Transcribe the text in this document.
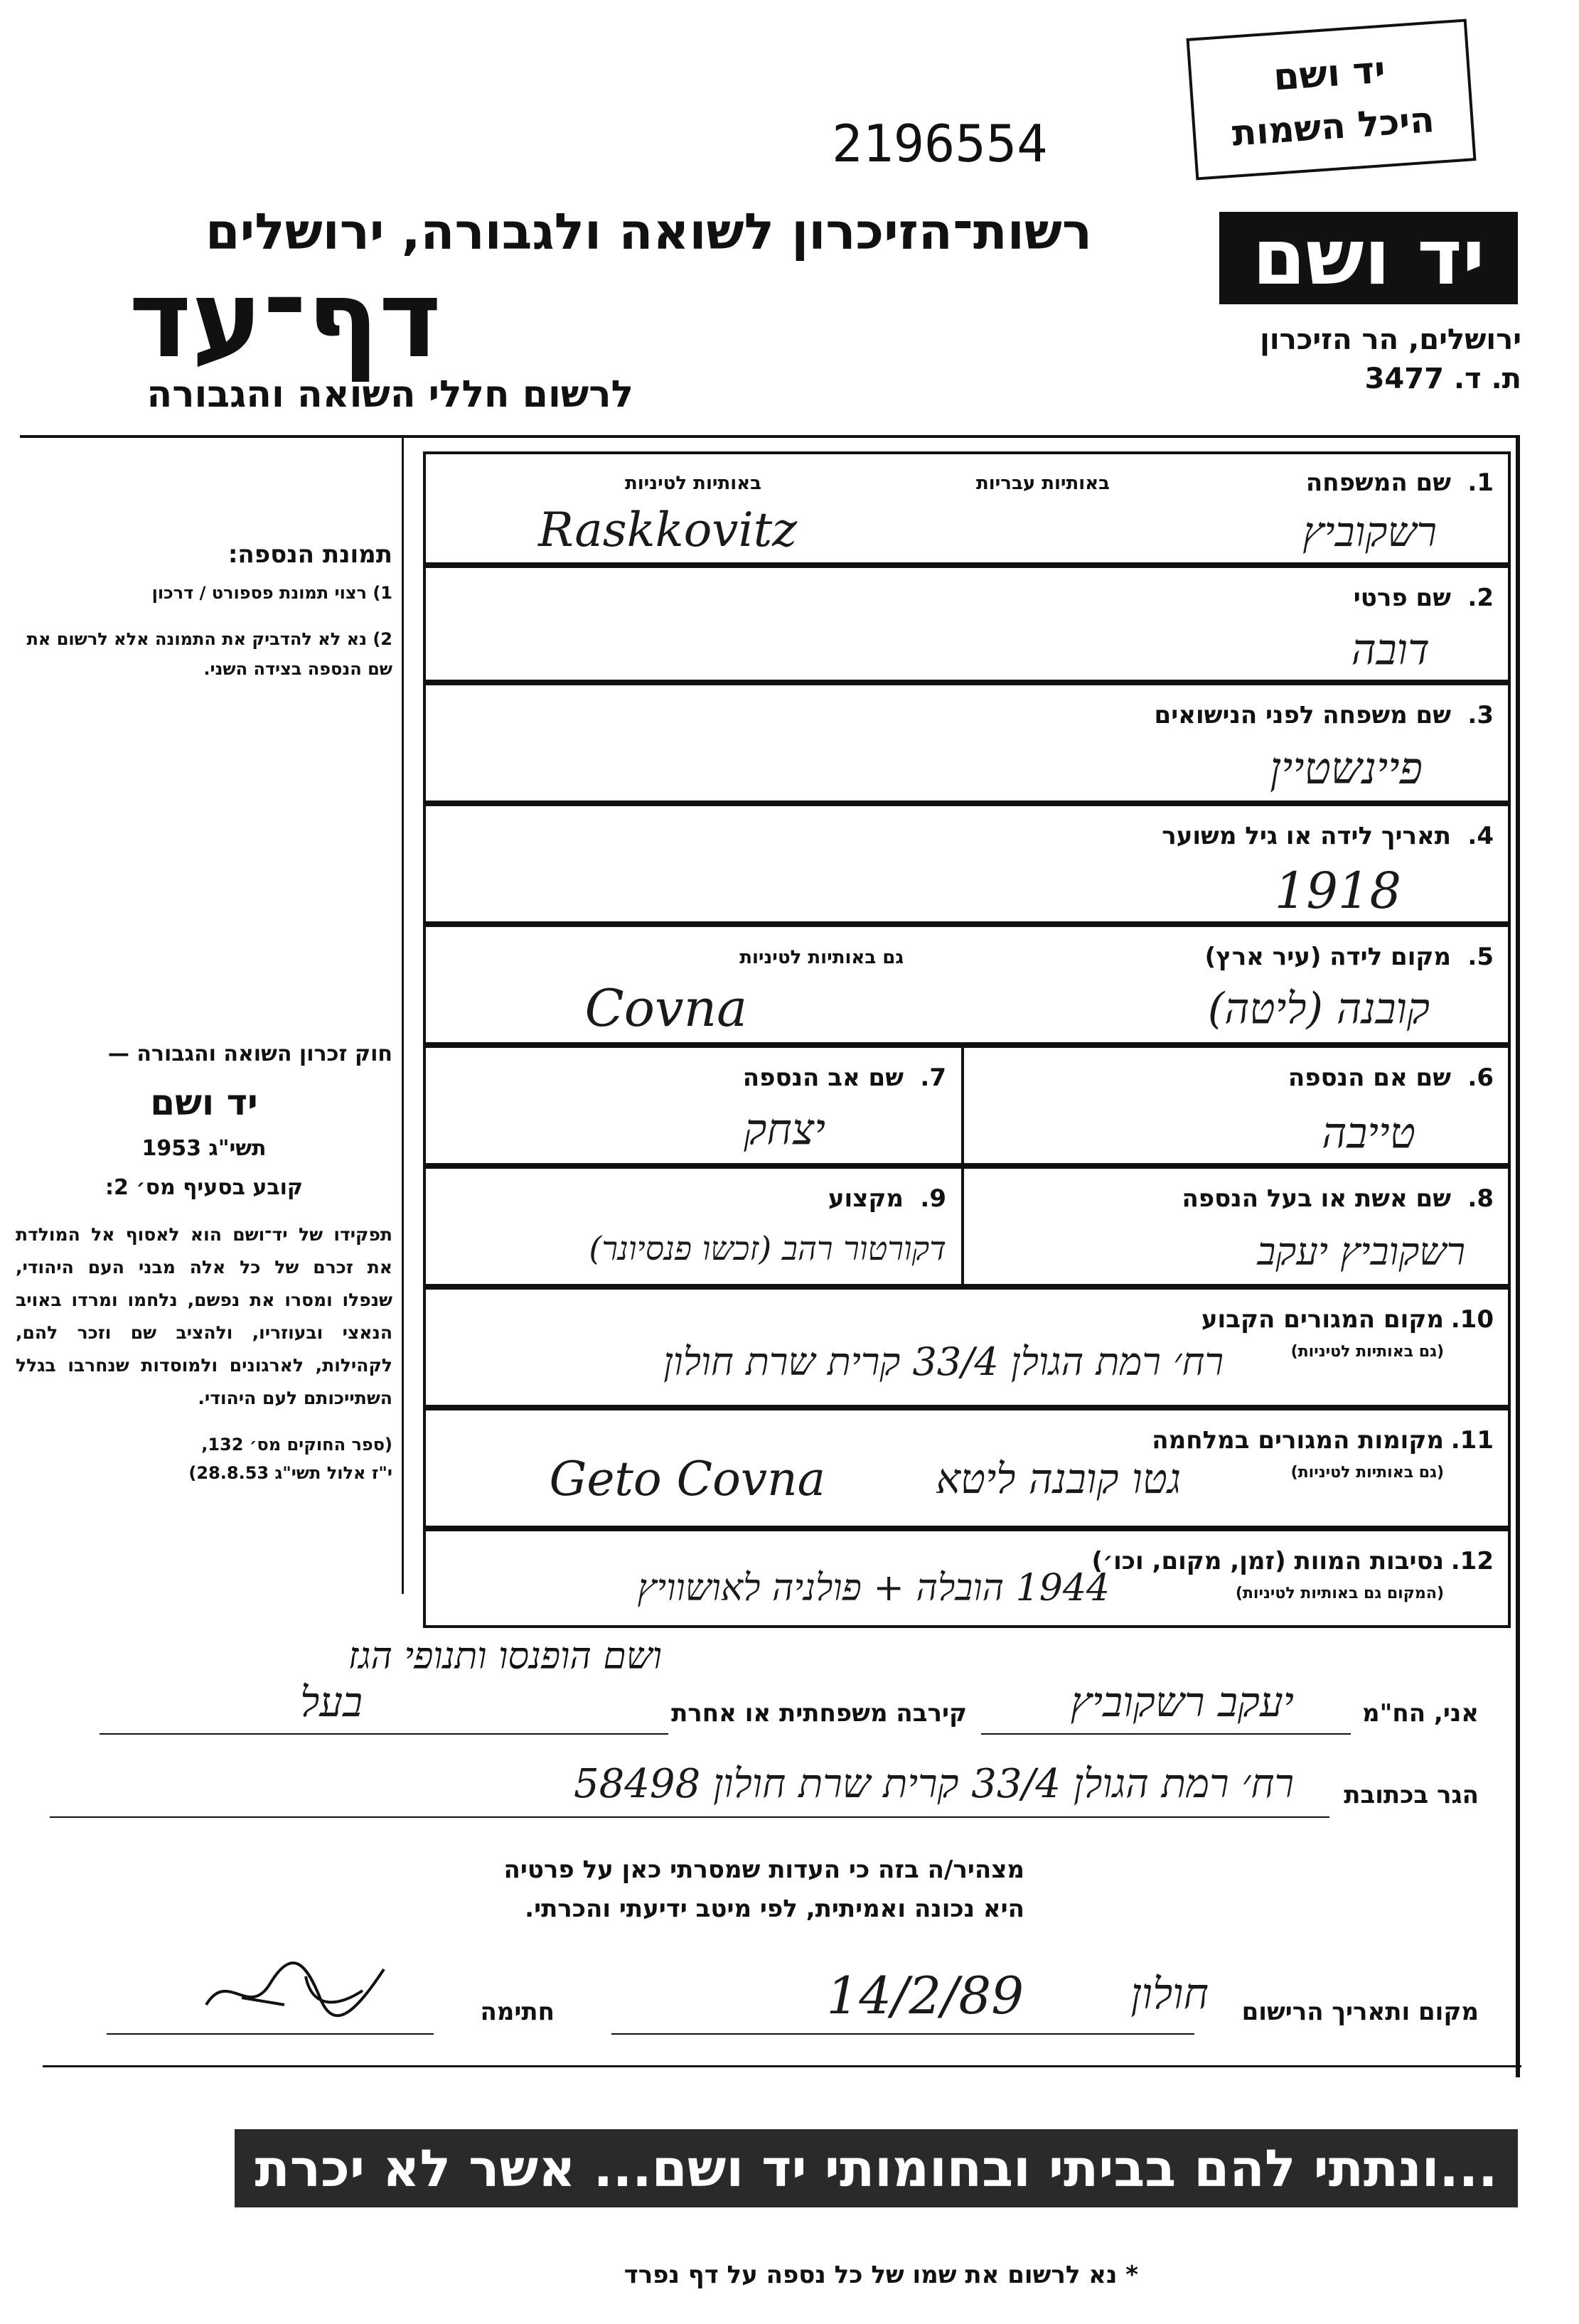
יד ושם
היכל השמות
2196554
רשות־הזיכרון לשואה ולגבורה, ירושלים
דף־עד
לרשום חללי השואה והגבורה
יד ושם
ירושלים, הר הזיכרון
ת. ד. 3477

תמונת הנספה:

1) רצוי תמונת פספורט / דרכון

2) נא לא להדביק את התמונה אלא לרשום את שם הנספה בצידה השני.

חוק זכרון השואה והגבורה —

יד ושם

תשי"ג 1953

קובע בסעיף מס׳ 2:

תפקידו של יד־ושם הוא לאסוף אל המולדת את זכרם של כל אלה מבני העם היהודי, שנפלו ומסרו את נפשם, נלחמו ומרדו באויב הנאצי ובעוזריו, ולהציב שם וזכר להם, לקהילות, לארגונים ולמוסדות שנחרבו בגלל השתייכותם לעם היהודי.

(ספר החוקים מס׳ 132,

י"ז אלול תשי"ג 28.8.53)

1.
שם המשפחה
באותיות עבריות
באותיות לטיניות
רשקוביץ
Raskkovitz
2.
שם פרטי
דובה
3.
שם משפחה לפני הנישואים
פיינשטיין
4.
תאריך לידה או גיל משוער
1918
5.
מקום לידה (עיר ארץ)
גם באותיות לטיניות
קובנה (ליטה)
Covna
6.
שם אם הנספה
טייבה
7.
שם אב הנספה
יצחק
8.
שם אשת או בעל הנספה
רשקוביץ יעקב
9.
מקצוע
דקורטור רהב (זכשו פנסיונר)
10.
מקום המגורים הקבוע
(גם באותיות לטיניות)
רח׳ רמת הגולן 33/4 קרית שרת חולון
11.
מקומות המגורים במלחמה
(גם באותיות לטיניות)
גטו קובנה ליטא
Geto Covna
12.
נסיבות המוות (זמן, מקום, וכו׳)
(המקום גם באותיות לטיניות)
1944 הובלה + פולניה לאושוויץ
ושם הופנסו ותנופי הגז
אני, הח"מ
יעקב רשקוביץ
קירבה משפחתית או אחרת
בעל
הגר בכתובת
רח׳ רמת הגולן 33/4 קרית שרת חולון 58498
מצהיר/ה בזה כי העדות שמסרתי כאן על פרטיה
היא נכונה ואמיתית, לפי מיטב ידיעתי והכרתי.
מקום ותאריך הרישום
חולון
14/2/89
חתימה
...ונתתי להם בביתי ובחומותי יד ושם... אשר לא יכרת
* נא לרשום את שמו של כל נספה על דף נפרד
